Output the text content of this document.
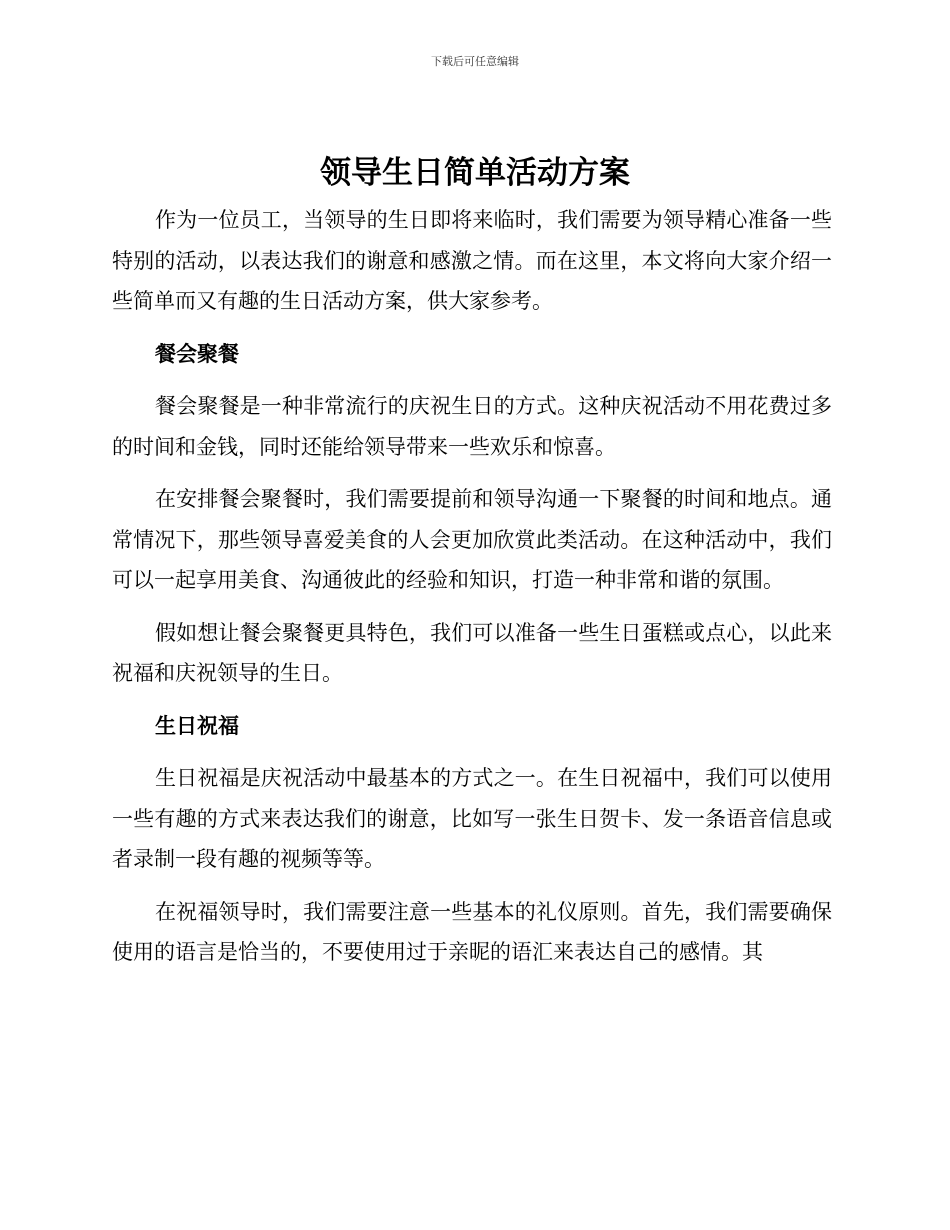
下载后可任意编辑
领导生日简单活动方案

作为一位员工，当领导的生日即将来临时，我们需要为领导精心准备一些特别的活动，以表达我们的谢意和感激之情。而在这里，本文将向大家介绍一些简单而又有趣的生日活动方案，供大家参考。

餐会聚餐

餐会聚餐是一种非常流行的庆祝生日的方式。这种庆祝活动不用花费过多的时间和金钱，同时还能给领导带来一些欢乐和惊喜。

在安排餐会聚餐时，我们需要提前和领导沟通一下聚餐的时间和地点。通常情况下，那些领导喜爱美食的人会更加欣赏此类活动。在这种活动中，我们可以一起享用美食、沟通彼此的经验和知识，打造一种非常和谐的氛围。

假如想让餐会聚餐更具特色，我们可以准备一些生日蛋糕或点心，以此来祝福和庆祝领导的生日。

生日祝福

生日祝福是庆祝活动中最基本的方式之一。在生日祝福中，我们可以使用一些有趣的方式来表达我们的谢意，比如写一张生日贺卡、发一条语音信息或者录制一段有趣的视频等等。

在祝福领导时，我们需要注意一些基本的礼仪原则。首先，我们需要确保使用的语言是恰当的，不要使用过于亲昵的语汇来表达自己的感情。其
